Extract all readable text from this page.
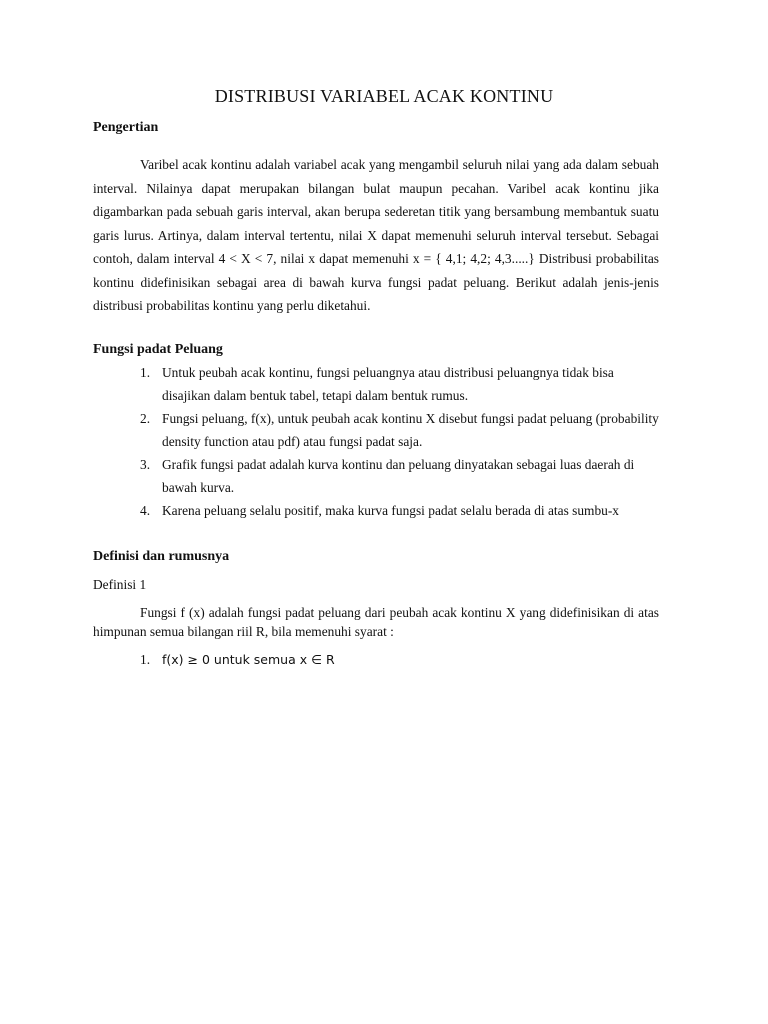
DISTRIBUSI VARIABEL ACAK KONTINU
Pengertian

Varibel acak kontinu adalah variabel acak yang mengambil seluruh nilai yang ada dalam sebuah interval. Nilainya dapat merupakan bilangan bulat maupun pecahan. Varibel acak kontinu jika digambarkan pada sebuah garis interval, akan berupa sederetan titik yang bersambung membantuk suatu garis lurus. Artinya, dalam interval tertentu, nilai X dapat memenuhi seluruh interval tersebut. Sebagai contoh, dalam interval 4 < X < 7, nilai x dapat memenuhi x = { 4,1; 4,2; 4,3.....} Distribusi probabilitas kontinu didefinisikan sebagai area di bawah kurva fungsi padat peluang. Berikut adalah jenis-jenis distribusi probabilitas kontinu yang perlu diketahui.

Fungsi padat Peluang
1. Untuk peubah acak kontinu, fungsi peluangnya atau distribusi peluangnya tidak bisa disajikan dalam bentuk tabel, tetapi dalam bentuk rumus.
2. Fungsi peluang, f(x), untuk peubah acak kontinu X disebut fungsi padat peluang (probability density function atau pdf) atau fungsi padat saja.
3. Grafik fungsi padat adalah kurva kontinu dan peluang dinyatakan sebagai luas daerah di bawah kurva.
4. Karena peluang selalu positif, maka kurva fungsi padat selalu berada di atas sumbu-x
Definisi dan rumusnya
Definisi 1

Fungsi f (x) adalah fungsi padat peluang dari peubah acak kontinu X yang didefinisikan di atas himpunan semua bilangan riil R, bila memenuhi syarat :

1. f(x) ≥ 0 untuk semua x ∈ R
